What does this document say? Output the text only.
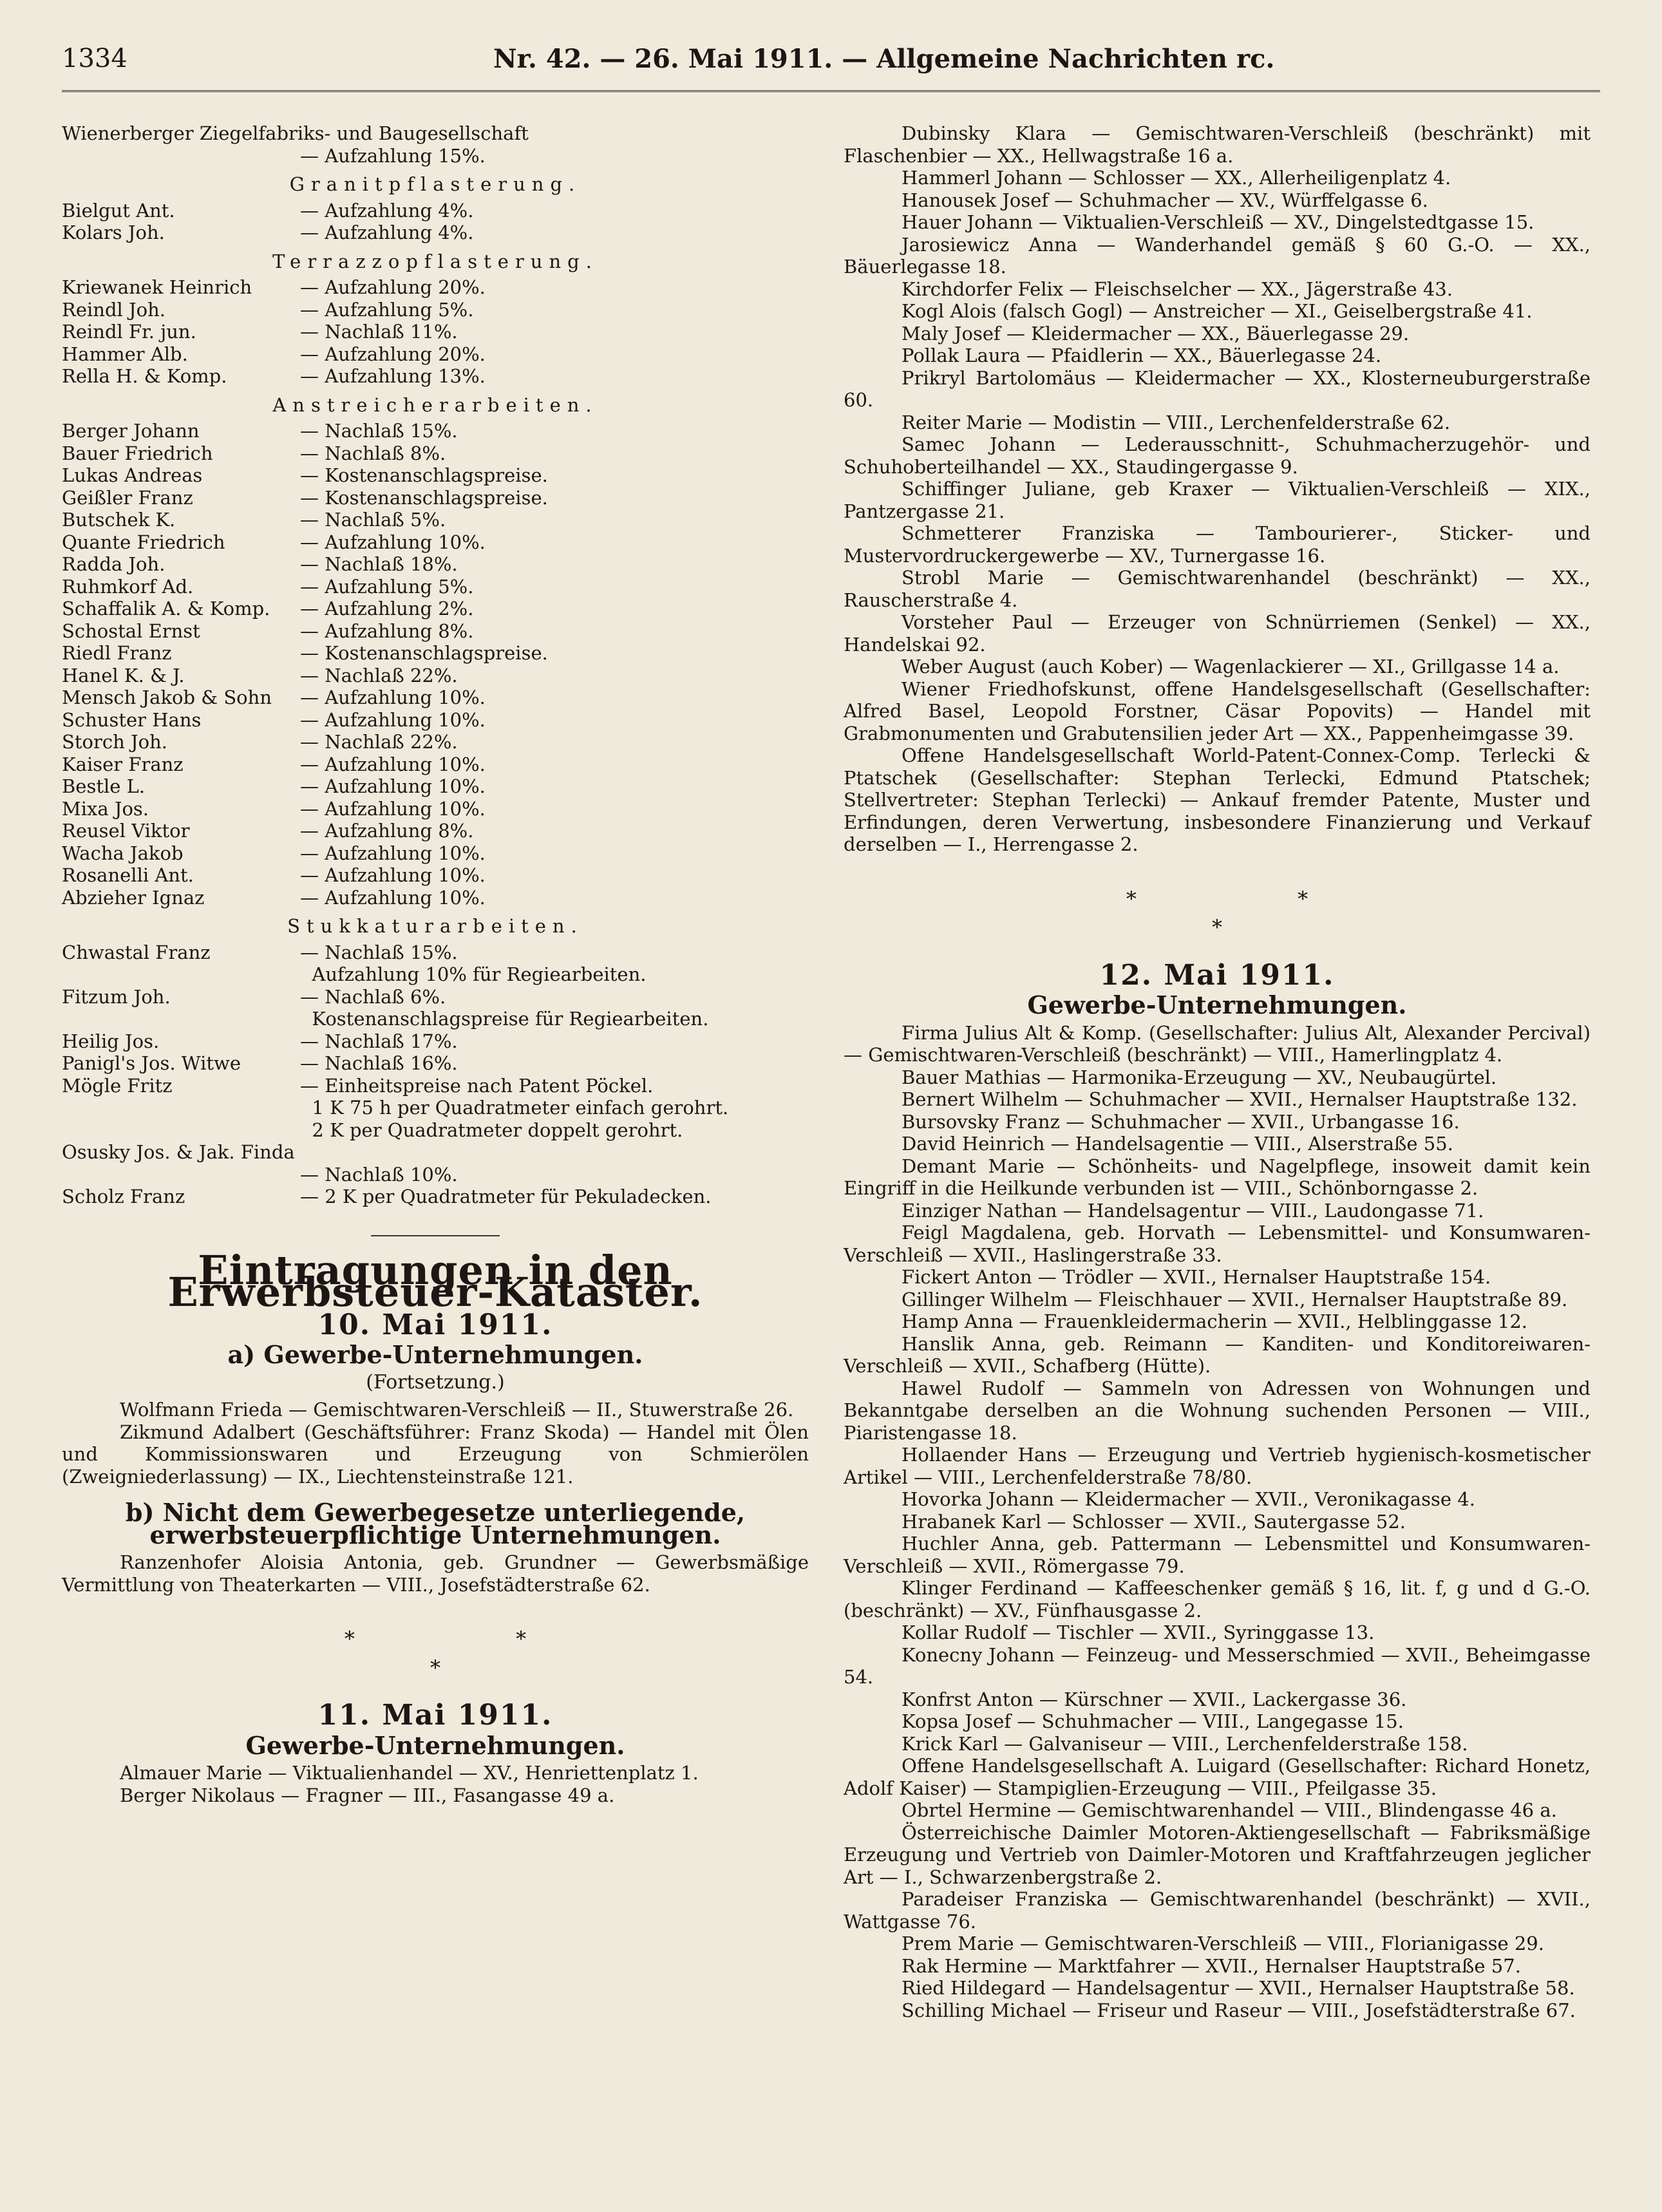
1334	Nr. 42. — 26. Mai 1911. — Allgemeine Nachrichten rc.
Wienerberger Ziegelfabriks- und Baugesellschaft
— Aufzahlung 15%.
Granitpflasterung.
Bielgut Ant.	— Aufzahlung 4%.
Kolars Joh.	— Aufzahlung 4%.
Terrazzopflasterung.
Kriewanek Heinrich	— Aufzahlung 20%.
Reindl Joh.	— Aufzahlung 5%.
Reindl Fr. jun.	— Nachlaß 11%.
Hammer Alb.	— Aufzahlung 20%.
Rella H. & Komp.	— Aufzahlung 13%.
Anstreicherarbeiten.
Berger Johann	— Nachlaß 15%.
Bauer Friedrich	— Nachlaß 8%.
Lukas Andreas	— Kostenanschlagspreise.
Geißler Franz	— Kostenanschlagspreise.
Butschek K.	— Nachlaß 5%.
Quante Friedrich	— Aufzahlung 10%.
Radda Joh.	— Nachlaß 18%.
Ruhmkorf Ad.	— Aufzahlung 5%.
Schaffalik A. & Komp. — Aufzahlung 2%.
Schostal Ernst	— Aufzahlung 8%.
Riedl Franz	— Kostenanschlagspreise.
Hanel K. & J.	— Nachlaß 22%.
Mensch Jakob & Sohn — Aufzahlung 10%.
Schuster Hans	— Aufzahlung 10%.
Storch Joh.	— Nachlaß 22%.
Kaiser Franz	— Aufzahlung 10%.
Bestle L.	— Aufzahlung 10%.
Mixa Jos.	— Aufzahlung 10%.
Reusel Viktor	— Aufzahlung 8%.
Wacha Jakob	— Aufzahlung 10%.
Rosanelli Ant.	— Aufzahlung 10%.
Abzieher Ignaz	— Aufzahlung 10%.
Stukkaturarbeiten.
Chwastal Franz	— Nachlaß 15%.
Aufzahlung 10% für Regiearbeiten.
Fitzum Joh.	— Nachlaß 6%.
Kostenanschlagspreise für Regiearbeiten.
Heilig Jos.	— Nachlaß 17%.
Panigl's Jos. Witwe	— Nachlaß 16%.
Mögle Fritz	— Einheitspreise nach Patent Pöckel.
1 K 75 h per Quadratmeter einfach gerohrt.
2 K per Quadratmeter doppelt gerohrt.
Osusky Jos. & Jak. Finda

— Nachlaß 10%.
Scholz Franz	— 2 K per Quadratmeter für Pekuladecken.
Eintragungen in den Erwerbsteuer-Kataster.
10. Mai 1911.
a) Gewerbe-Unternehmungen.
(Fortsetzung.)
Wolfmann Frieda — Gemischtwaren-Verschleiß — II., Stuwerstraße 26.
Zikmund Adalbert (Geschäftsführer: Franz Skoda) — Handel mit Ölen und Kommissionswaren und Erzeugung von Schmierölen (Zweigniederlassung) — IX., Liechtensteinstraße 121.
b) Nicht dem Gewerbegesetze unterliegende, erwerbsteuerpflichtige Unternehmungen.
Ranzenhofer Aloisia Antonia, geb. Grundner — Gewerbsmäßige Vermittlung von Theaterkarten — VIII., Josefstädterstraße 62.
* *
*
11. Mai 1911.
Gewerbe-Unternehmungen.
Almauer Marie — Viktualienhandel — XV., Henriettenplatz 1.
Berger Nikolaus — Fragner — III., Fasangasse 49 a.
Dubinsky Klara — Gemischtwaren-Verschleiß (beschränkt) mit Flaschenbier — XX., Hellwagstraße 16 a.
Hammerl Johann — Schlosser — XX., Allerheiligenplatz 4.
Hanousek Josef — Schuhmacher — XV., Würffelgasse 6.
Hauer Johann — Viktualien-Verschleiß — XV., Dingelstedtgasse 15.
Jarosiewicz Anna — Wanderhandel gemäß § 60 G.-O. — XX., Bäuerlegasse 18.
Kirchdorfer Felix — Fleischselcher — XX., Jägerstraße 43.
Kogl Alois (falsch Gogl) — Anstreicher — XI., Geiselbergstraße 41.
Maly Josef — Kleidermacher — XX., Bäuerlegasse 29.
Pollak Laura — Pfaidlerin — XX., Bäuerlegasse 24.
Prikryl Bartolomäus — Kleidermacher — XX., Klosterneuburgerstraße 60.
Reiter Marie — Modistin — VIII., Lerchenfelderstraße 62.
Samec Johann — Lederausschnitt-, Schuhmacherzugehör- und Schuhoberteilhandel — XX., Staudingergasse 9.
Schiffinger Juliane, geb Kraxer — Viktualien-Verschleiß — XIX., Pantzergasse 21.
Schmetterer Franziska — Tambourierer-, Sticker- und Mustervordruckergewerbe — XV., Turnergasse 16.
Strobl Marie — Gemischtwarenhandel (beschränkt) — XX., Rauscherstraße 4.
Vorsteher Paul — Erzeuger von Schnürriemen (Senkel) — XX., Handelskai 92.
Weber August (auch Kober) — Wagenlackierer — XI., Grillgasse 14 a.
Wiener Friedhofskunst, offene Handelsgesellschaft (Gesellschafter: Alfred Basel, Leopold Forstner, Cäsar Popovits) — Handel mit Grabmonumenten und Grabutensilien jeder Art — XX., Pappenheimgasse 39.
Offene Handelsgesellschaft World-Patent-Connex-Comp. Terlecki & Ptatschek (Gesellschafter: Stephan Terlecki, Edmund Ptatschek; Stellvertreter: Stephan Terlecki) — Ankauf fremder Patente, Muster und Erfindungen, deren Verwertung, insbesondere Finanzierung und Verkauf derselben — I., Herrengasse 2.
* *
*
12. Mai 1911.
Gewerbe-Unternehmungen.
Firma Julius Alt & Komp. (Gesellschafter: Julius Alt, Alexander Percival) — Gemischtwaren-Verschleiß (beschränkt) — VIII., Hamerlingplatz 4.
Bauer Mathias — Harmonika-Erzeugung — XV., Neubaugürtel.
Bernert Wilhelm — Schuhmacher — XVII., Hernalser Hauptstraße 132.
Bursovsky Franz — Schuhmacher — XVII., Urbangasse 16.
David Heinrich — Handelsagentie — VIII., Alserstraße 55.
Demant Marie — Schönheits- und Nagelpflege, insoweit damit kein Eingriff in die Heilkunde verbunden ist — VIII., Schönborngasse 2.
Einziger Nathan — Handelsagentur — VIII., Laudongasse 71.
Feigl Magdalena, geb. Horvath — Lebensmittel- und Konsumwaren-Verschleiß — XVII., Haslingerstraße 33.
Fickert Anton — Trödler — XVII., Hernalser Hauptstraße 154.
Gillinger Wilhelm — Fleischhauer — XVII., Hernalser Hauptstraße 89.
Hamp Anna — Frauenkleidermacherin — XVII., Helblinggasse 12.
Hanslik Anna, geb. Reimann — Kanditen- und Konditoreiwaren-Verschleiß — XVII., Schafberg (Hütte).
Hawel Rudolf — Sammeln von Adressen von Wohnungen und Bekanntgabe derselben an die Wohnung suchenden Personen — VIII., Piaristengasse 18.
Hollaender Hans — Erzeugung und Vertrieb hygienisch-kosmetischer Artikel — VIII., Lerchenfelderstraße 78/80.
Hovorka Johann — Kleidermacher — XVII., Veronikagasse 4.
Hrabanek Karl — Schlosser — XVII., Sautergasse 52.
Huchler Anna, geb. Pattermann — Lebensmittel und Konsumwaren-Verschleiß — XVII., Römergasse 79.
Klinger Ferdinand — Kaffeeschenker gemäß § 16, lit. f, g und d G.-O. (beschränkt) — XV., Fünfhausgasse 2.
Kollar Rudolf — Tischler — XVII., Syringgasse 13.
Konecny Johann — Feinzeug- und Messerschmied — XVII., Beheimgasse 54.
Konfrst Anton — Kürschner — XVII., Lackergasse 36.
Kopsa Josef — Schuhmacher — VIII., Langegasse 15.
Krick Karl — Galvaniseur — VIII., Lerchenfelderstraße 158.
Offene Handelsgesellschaft A. Luigard (Gesellschafter: Richard Honetz, Adolf Kaiser) — Stampiglien-Erzeugung — VIII., Pfeilgasse 35.
Obrtel Hermine — Gemischtwarenhandel — VIII., Blindengasse 46 a.
Österreichische Daimler Motoren-Aktiengesellschaft — Fabriksmäßige Erzeugung und Vertrieb von Daimler-Motoren und Kraftfahrzeugen jeglicher Art — I., Schwarzenbergstraße 2.
Paradeiser Franziska — Gemischtwarenhandel (beschränkt) — XVII., Wattgasse 76.
Prem Marie — Gemischtwaren-Verschleiß — VIII., Florianigasse 29.
Rak Hermine — Marktfahrer — XVII., Hernalser Hauptstraße 57.
Ried Hildegard — Handelsagentur — XVII., Hernalser Hauptstraße 58.
Schilling Michael — Friseur und Raseur — VIII., Josefstädterstraße 67.
